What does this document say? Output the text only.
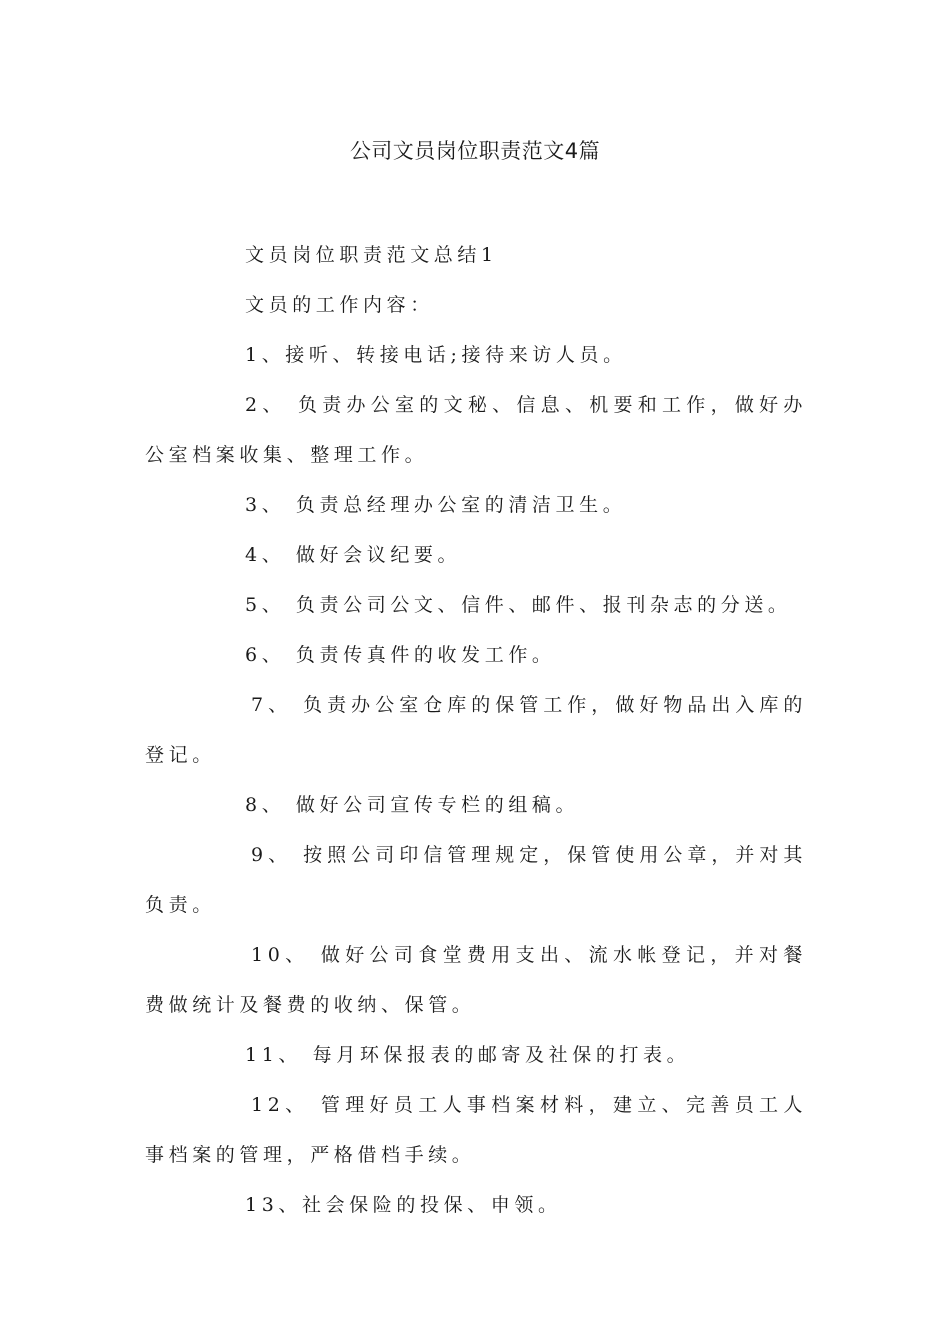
公司文员岗位职责范文4篇

文员岗位职责范文总结1

文员的工作内容：

1、接听、转接电话;接待来访人员。

2、 负责办公室的文秘、信息、机要和工作，做好办公室档案收集、整理工作。

3、 负责总经理办公室的清洁卫生。

4、 做好会议纪要。

5、 负责公司公文、信件、邮件、报刊杂志的分送。

6、 负责传真件的收发工作。

7、 负责办公室仓库的保管工作，做好物品出入库的登记。

8、 做好公司宣传专栏的组稿。

9、 按照公司印信管理规定，保管使用公章，并对其负责。

10、 做好公司食堂费用支出、流水帐登记，并对餐费做统计及餐费的收纳、保管。

11、 每月环保报表的邮寄及社保的打表。

12、 管理好员工人事档案材料，建立、完善员工人事档案的管理，严格借档手续。

13、社会保险的投保、申领。
